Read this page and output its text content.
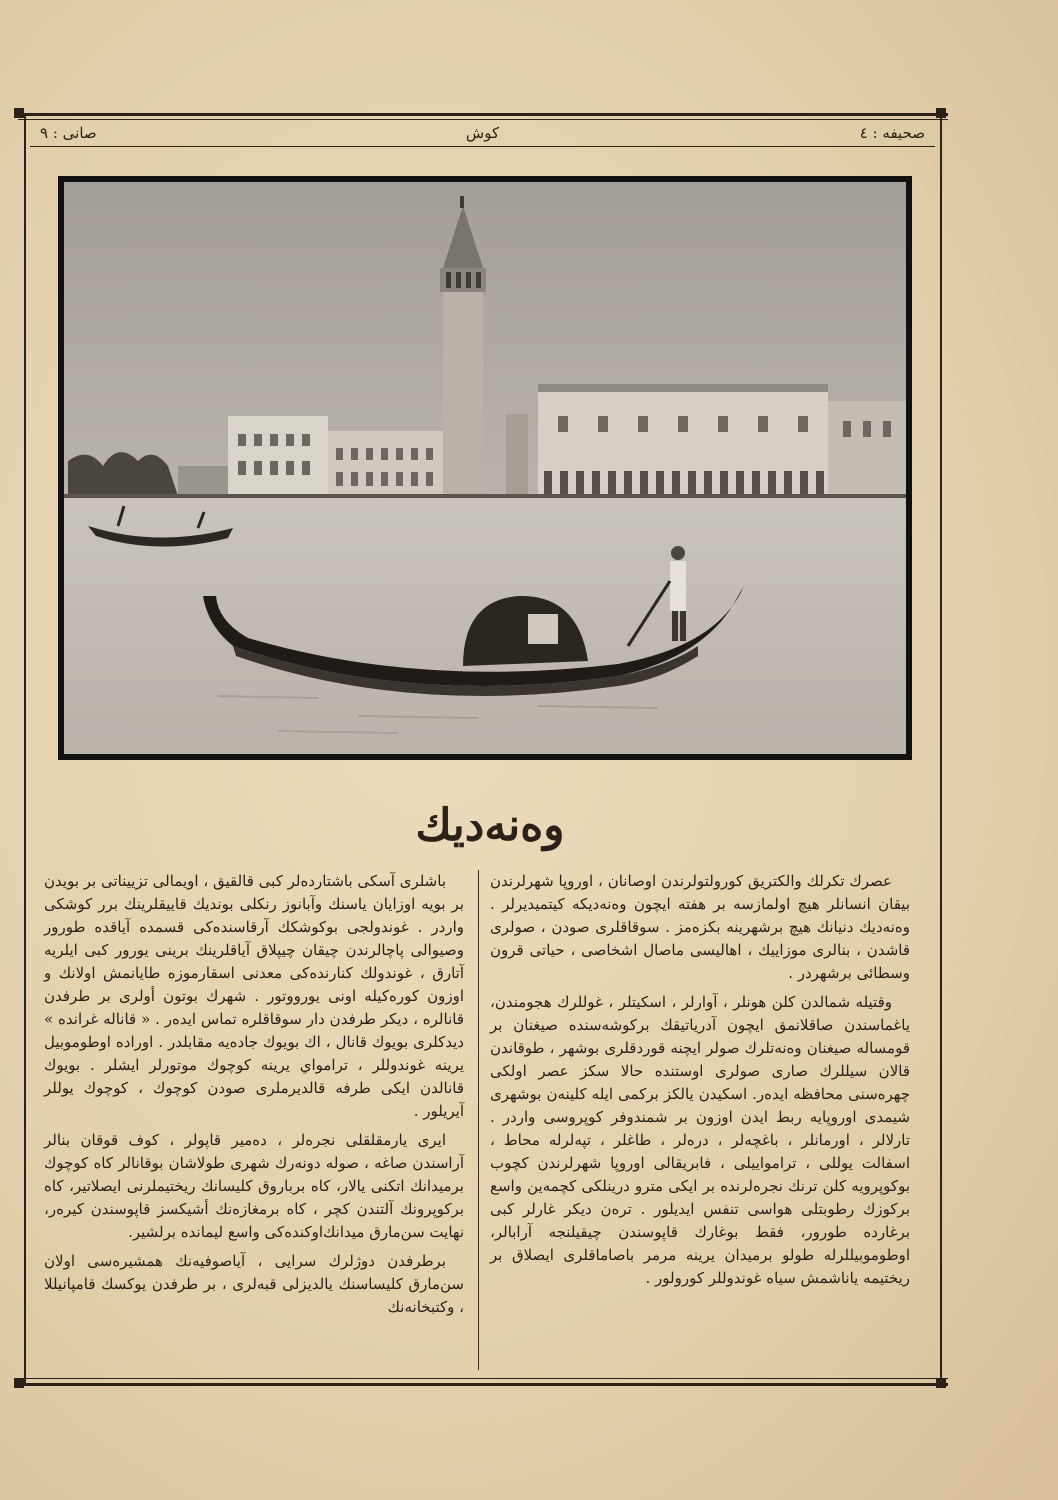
صحیفه : ٤
کوش
صانی : ٩
وەنەدیك

عصرك تكرلك والكتریق كورولتولرندن اوصانان ، اوروپا شهرلرندن بیقان انسانلر هیچ اولمازسه بر هفته ایچون وەنەدیكه كیتمیدیرلر . وەنەدیك دنیانك هیچ برشهرینه بكزەمز . سوقاقلری صودن ، صولری قاشدن ، بنالری موزاییك ، اهالیسی ماصال اشخاصی ، حیاتی قرون وسطائی برشهردر .

وقتیله شمالدن كلن هونلر ، آوارلر ، اسكیتلر ، غوللرك هجومندن، یاغماسندن صاقلانمق ایچون آدریاتیقك بركوشەسندە صیغنان بر قومساله صیغنان وەنەتلرك صولر ایچنه قوردقلری بوشهر ، طوقاندن قالان سیللرك صاری صولری اوستنده حالا سكز عصر اولكی چهرەسنی محافظه ایدەر. اسكیدن یالكز بركمی ایله كلینەن بوشهری شیمدی اوروپایه ربط ایدن اوزون بر شمندوفر كوپروسی واردر . تارلالر ، اورمانلر ، باغچەلر ، درەلر ، طاغلر ، تپەلرله محاط ، اسفالت یوللی ، ترامواییلی ، فابریقالی اوروپا شهرلرندن كچوب بوكوپرویه كلن ترنك نجرەلرنده بر ایكی مترو درینلكی كچمەین واسع بركوزك رطوبتلی هواسی تنفس ایدیلور . ترەن دیكر غارلر كبی برغارده طورور، فقط بوغارك قاپوسندن چیقیلنجه آرابالر، اوطوموبیللرله طولو برمیدان یرینه مرمر باصاماقلری ایصلاق بر ریختیمه یاناشمش سیاه غوندوللر كورولور .

باشلری آسكی باشتارده‌لر كبی قالقیق ، اویمالی تزییناتی بر بویدن بر بویه اوزایان یاسنك وآبانوز رنكلی بوندیك قاییقلرینك برر كوشكی واردر . غوندولجی بوكوشكك آرقاسنده‌كی قسمده آیاقده طورور وصیوالی پاچالرندن چیقان چیپلاق آیاقلرینك برینی یورور كبی ایلریه آتارق ، غوندولك كنارنده‌كی معدنی اسقارموزه طایانمش اولانك و اوزون كوره‌كیله اونی یورووتور . شهرك بوتون أولری بر طرفدن قانالره ، دیكر طرفدن دار سوقاقلره تماس ایده‌ر . « قاناله غرانده » دیدكلری بویوك قانال ، اك بویوك جاده‌یه مقابلدر . اوراده اوطوموبیل یرینه غوندوللر ، ترامواي یرینه كوچوك موتورلر ایشلر . بویوك قانالدن ایكی طرفه قالدیرملری صودن كوچوك ، كوچوك یوللر آیریلور .

ایری یارمقلقلی نجره‌لر ، ده‌میر قاپولر ، كوف قوقان بنالر آراسندن صاغه ، صوله دونه‌رك شهری طولاشان بوقانالر كاه كوچوك برمیدانك اتكنی یالار، كاه برباروق كلیسانك ریختیملرنی ایصلاتیر، كاه بركوپرونك آلتندن كچر ، كاه برمغازه‌نك أشیكسز قاپوسندن كیره‌ر، نهایت سن‌مارق میدانك‌اوكنده‌كی واسع لیمانده برلشیر.

برطرفدن دوژلرك سرایی ، آیاصوفیه‌نك همشیره‌سی اولان سن‌مارق كلیساسنك یالدیزلی قبه‌لری ، بر طرفدن یوكسك قامپانیللا ، وكتبخانه‌نك
